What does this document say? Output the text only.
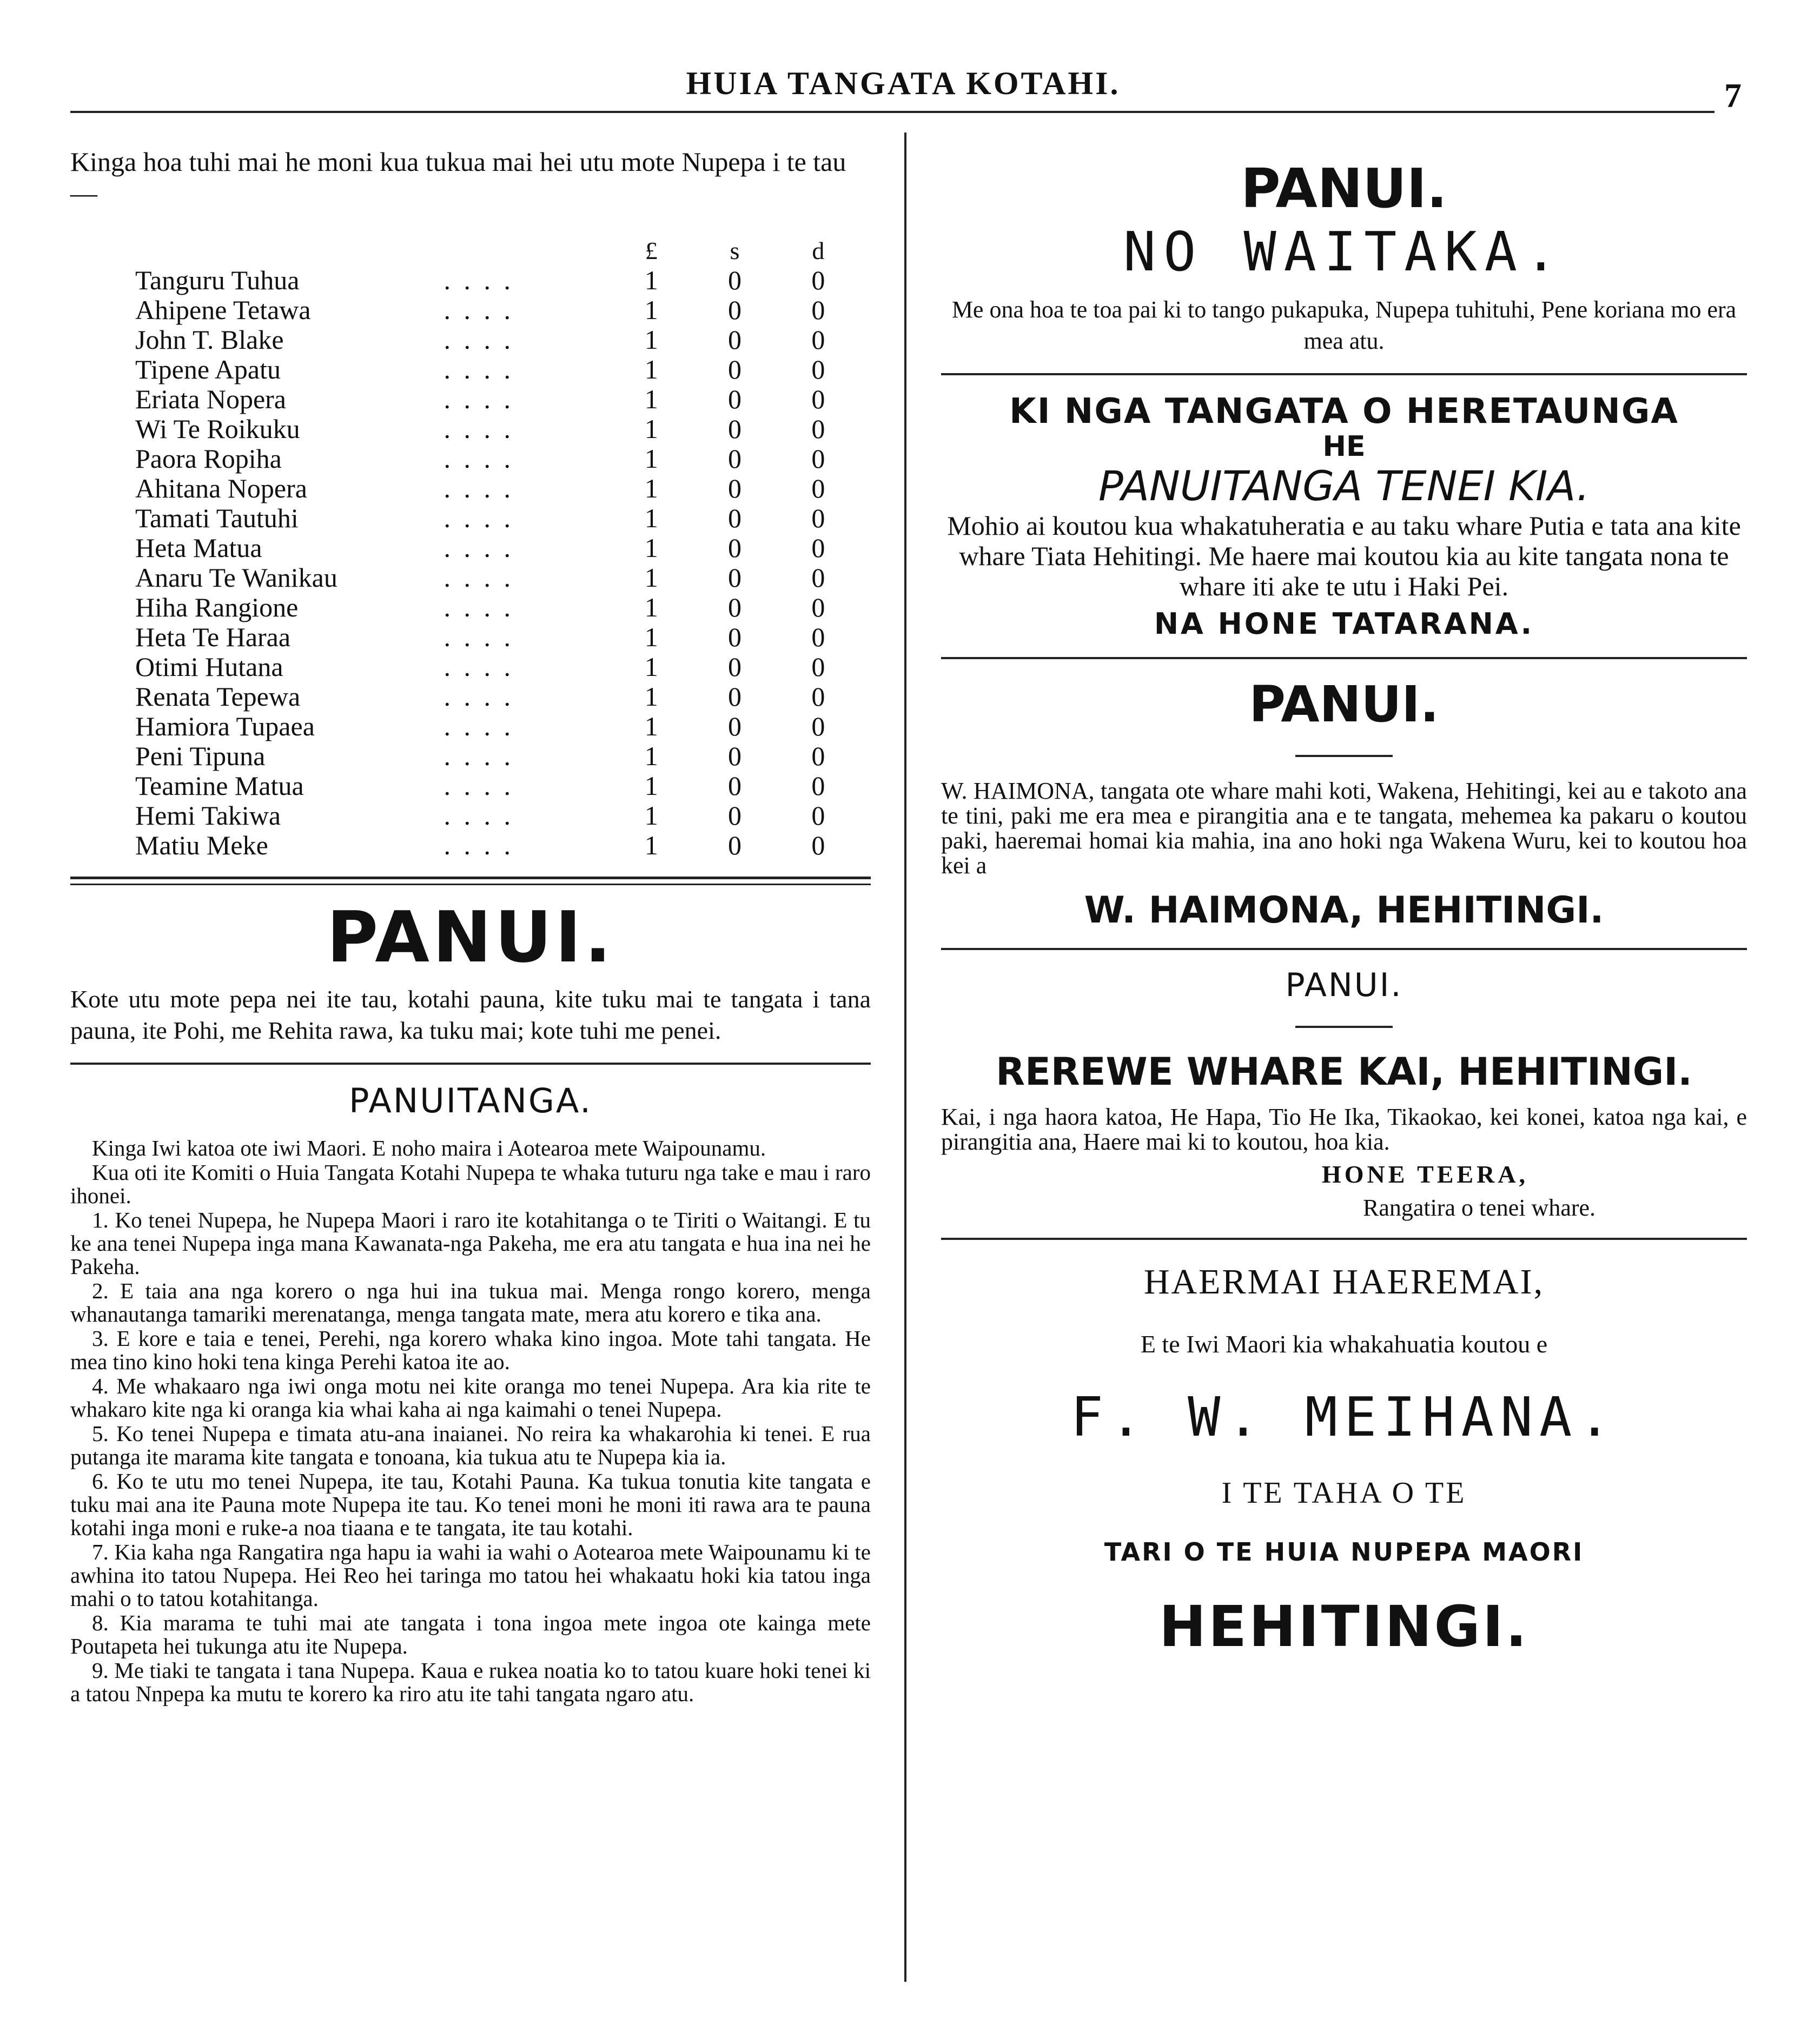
HUIA TANGATA KOTAHI.	7
Kinga hoa tuhi mai he moni kua tukua mai hei utu mote Nupepa i te tau—
		£	s	d
Tanguru Tuhua	. . . .	1	0	0
Ahipene Tetawa	. . . .	1	0	0
John T. Blake	. . . .	1	0	0
Tipene Apatu	. . . .	1	0	0
Eriata Nopera	. . . .	1	0	0
Wi Te Roikuku	. . . .	1	0	0
Paora Ropiha	. . . .	1	0	0
Ahitana Nopera	. . . .	1	0	0
Tamati Tautuhi	. . . .	1	0	0
Heta Matua	. . . .	1	0	0
Anaru Te Wanikau	. . . .	1	0	0
Hiha Rangione	. . . .	1	0	0
Heta Te Haraa	. . . .	1	0	0
Otimi Hutana	. . . .	1	0	0
Renata Tepewa	. . . .	1	0	0
Hamiora Tupaea	. . . .	1	0	0
Peni Tipuna	. . . .	1	0	0
Teamine Matua	. . . .	1	0	0
Hemi Takiwa	. . . .	1	0	0
Matiu Meke	. . . .	1	0	0
PANUI.
Kote utu mote pepa nei ite tau, kotahi pauna, kite tuku mai te tangata i tana pauna, ite Pohi, me Rehita rawa, ka tuku mai; kote tuhi me penei.
PANUITANGA.

Kinga Iwi katoa ote iwi Maori. E noho maira i Aotearoa mete Waipounamu.

Kua oti ite Komiti o Huia Tangata Kotahi Nupepa te whaka tuturu nga take e mau i raro ihonei.

1. Ko tenei Nupepa, he Nupepa Maori i raro ite kotahitanga o te Tiriti o Waitangi. E tu ke ana tenei Nupepa inga mana Kawanata-nga Pakeha, me era atu tangata e hua ina nei he Pakeha.

2. E taia ana nga korero o nga hui ina tukua mai. Menga rongo korero, menga whanautanga tamariki merenatanga, menga tangata mate, mera atu korero e tika ana.

3. E kore e taia e tenei, Perehi, nga korero whaka kino ingoa. Mote tahi tangata. He mea tino kino hoki tena kinga Perehi katoa ite ao.

4. Me whakaaro nga iwi onga motu nei kite oranga mo tenei Nupepa. Ara kia rite te whakaro kite nga ki oranga kia whai kaha ai nga kaimahi o tenei Nupepa.

5. Ko tenei Nupepa e timata atu-ana inaianei. No reira ka whakarohia ki tenei. E rua putanga ite marama kite tangata e tonoana, kia tukua atu te Nupepa kia ia.

6. Ko te utu mo tenei Nupepa, ite tau, Kotahi Pauna. Ka tukua tonutia kite tangata e tuku mai ana ite Pauna mote Nupepa ite tau. Ko tenei moni he moni iti rawa ara te pauna kotahi inga moni e ruke-a noa tiaana e te tangata, ite tau kotahi.

7. Kia kaha nga Rangatira nga hapu ia wahi ia wahi o Aotearoa mete Waipounamu ki te awhina ito tatou Nupepa. Hei Reo hei taringa mo tatou hei whakaatu hoki kia tatou inga mahi o to tatou kotahitanga.

8. Kia marama te tuhi mai ate tangata i tona ingoa mete ingoa ote kainga mete Poutapeta hei tukunga atu ite Nupepa.

9. Me tiaki te tangata i tana Nupepa. Kaua e rukea noatia ko to tatou kuare hoki tenei ki a tatou Nnpepa ka mutu te korero ka riro atu ite tahi tangata ngaro atu.

PANUI.
NO WAITAKA.
Me ona hoa te toa pai ki to tango pukapuka, Nupepa tuhituhi, Pene koriana mo era mea atu.
KI NGA TANGATA O HERETAUNGA
HE
PANUITANGA TENEI KIA.
Mohio ai koutou kua whakatuheratia e au taku whare Putia e tata ana kite whare Tiata Hehitingi. Me haere mai koutou kia au kite tangata nona te whare iti ake te utu i Haki Pei.
NA HONE TATARANA.
PANUI.
W. HAIMONA, tangata ote whare mahi koti, Wakena, Hehitingi, kei au e takoto ana te tini, paki me era mea e pirangitia ana e te tangata, mehemea ka pakaru o koutou paki, haeremai homai kia mahia, ina ano hoki nga Wakena Wuru, kei to koutou hoa kei a
W. HAIMONA, HEHITINGI.
PANUI.
REREWE WHARE KAI, HEHITINGI.
Kai, i nga haora katoa, He Hapa, Tio He Ika, Tikaokao, kei konei, katoa nga kai, e pirangitia ana, Haere mai ki to koutou, hoa kia.
HONE TEERA,
Rangatira o tenei whare.
HAERMAI HAEREMAI,
E te Iwi Maori kia whakahuatia koutou e
F. W. MEIHANA.
I TE TAHA O TE
TARI O TE HUIA NUPEPA MAORI
HEHITINGI.
